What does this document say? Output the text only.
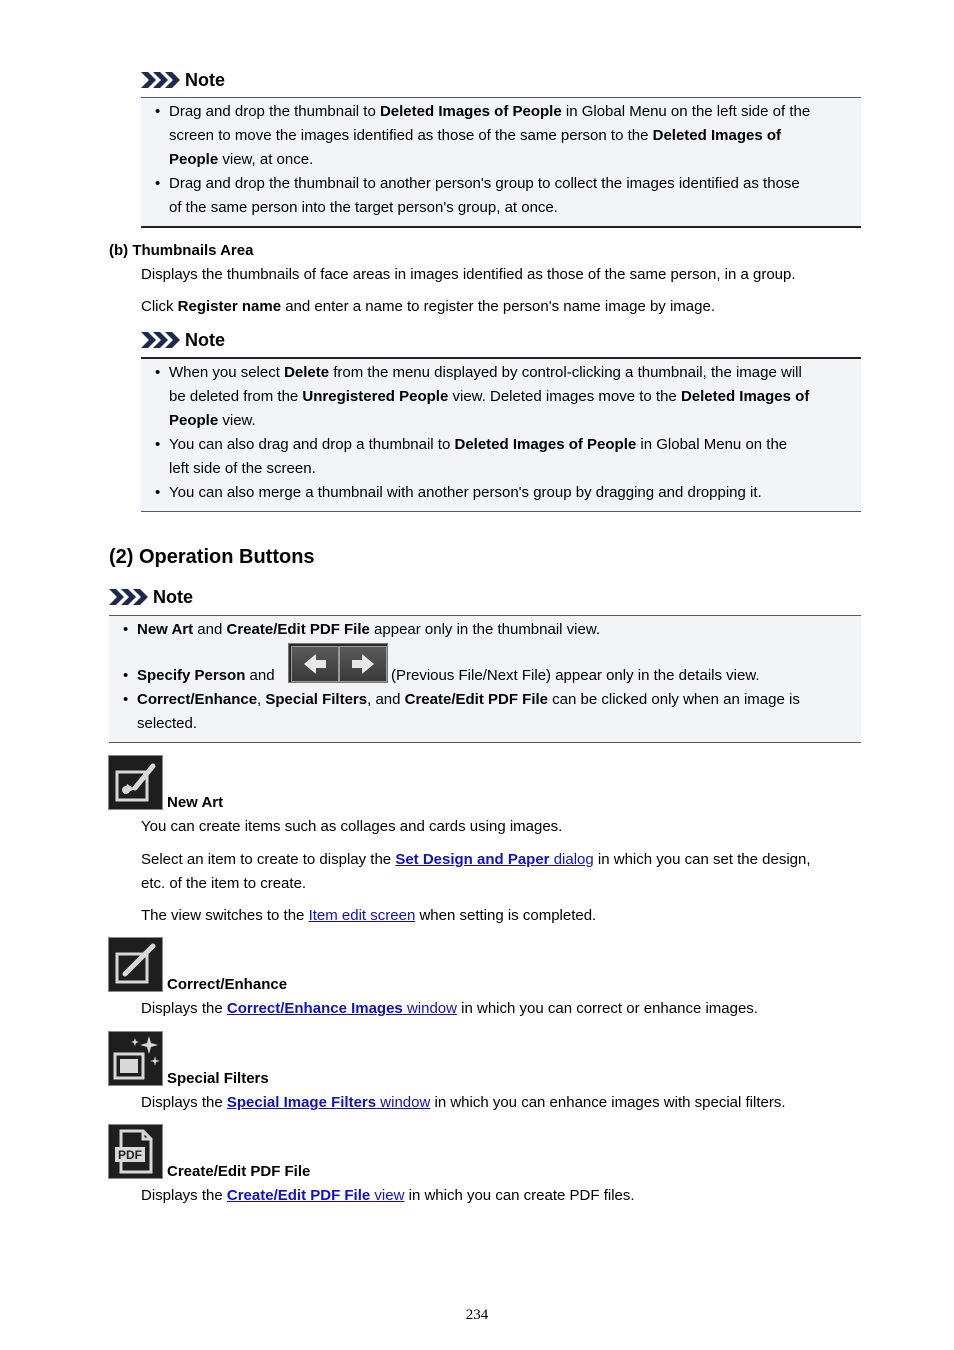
Note
• Drag and drop the thumbnail to Deleted Images of People in Global Menu on the left side of the
screen to move the images identified as those of the same person to the Deleted Images of
People view, at once.
• Drag and drop the thumbnail to another person's group to collect the images identified as those
of the same person into the target person's group, at once.
(b) Thumbnails Area
Displays the thumbnails of face areas in images identified as those of the same person, in a group.
Click Register name and enter a name to register the person's name image by image.
Note
• When you select Delete from the menu displayed by control-clicking a thumbnail, the image will
be deleted from the Unregistered People view. Deleted images move to the Deleted Images of
People view.
• You can also drag and drop a thumbnail to Deleted Images of People in Global Menu on the
left side of the screen.
• You can also merge a thumbnail with another person's group by dragging and dropping it.
(2) Operation Buttons
Note
• New Art and Create/Edit PDF File appear only in the thumbnail view.
• Specify Person and	(Previous File/Next File) appear only in the details view.
• Correct/Enhance, Special Filters, and Create/Edit PDF File can be clicked only when an image is
selected.
New Art
You can create items such as collages and cards using images.
Select an item to create to display the Set Design and Paper dialog in which you can set the design,
etc. of the item to create.
The view switches to the Item edit screen when setting is completed.
Correct/Enhance
Displays the Correct/Enhance Images window in which you can correct or enhance images.
Special Filters
Displays the Special Image Filters window in which you can enhance images with special filters.
PDF
Create/Edit PDF File
Displays the Create/Edit PDF File view in which you can create PDF files.
234
